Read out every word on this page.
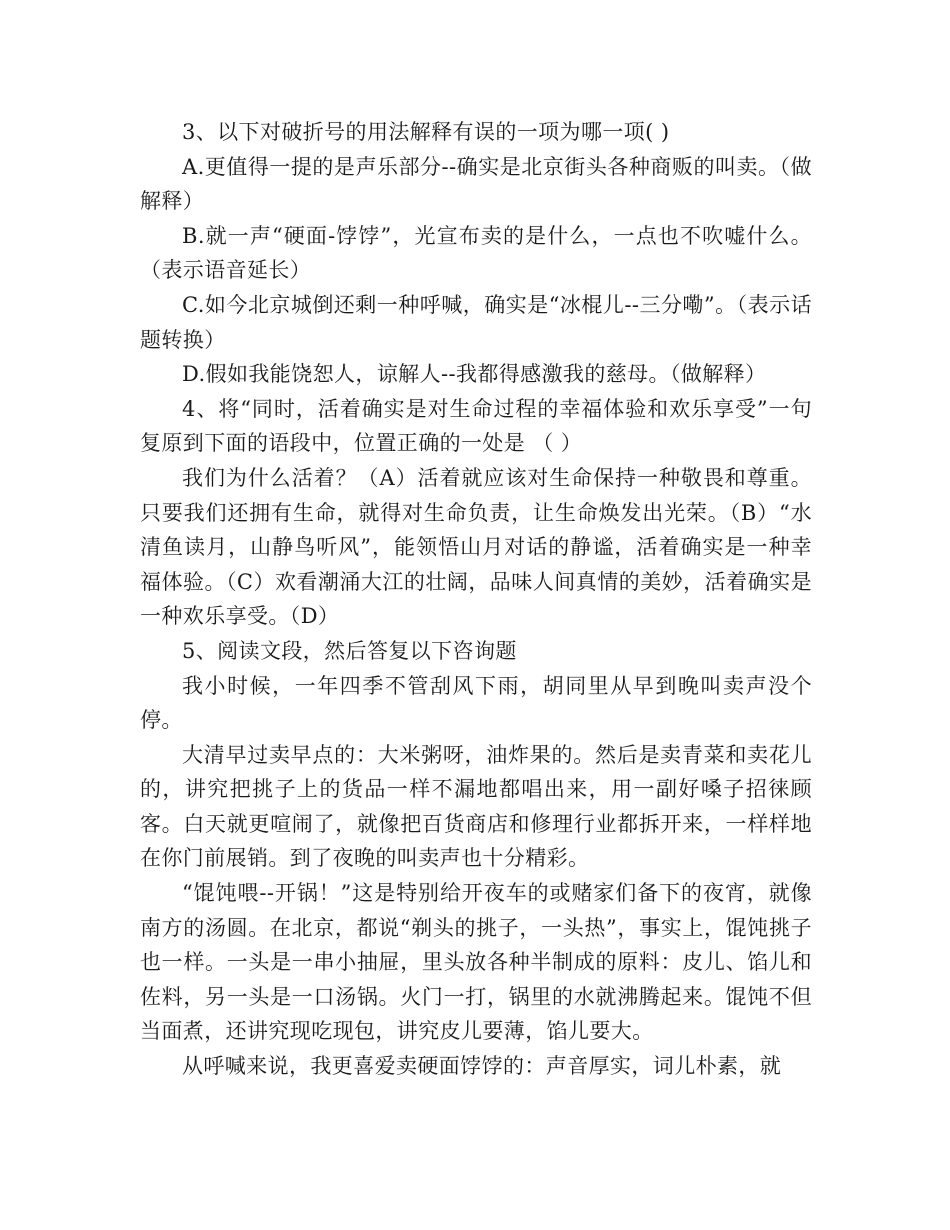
3、以下对破折号的用法解释有误的一项为哪一项( )

A.更值得一提的是声乐部分--确实是北京街头各种商贩的叫卖。（做解释）

B.就一声“硬面-饽饽”，光宣布卖的是什么，一点也不吹嘘什么。（表示语音延长）

C.如今北京城倒还剩一种呼喊，确实是“冰棍儿--三分嘞”。（表示话题转换）

D.假如我能饶恕人，谅解人--我都得感激我的慈母。（做解释）

4、将“同时，活着确实是对生命过程的幸福体验和欢乐享受”一句复原到下面的语段中，位置正确的一处是 （ ）

我们为什么活着？（A）活着就应该对生命保持一种敬畏和尊重。只要我们还拥有生命，就得对生命负责，让生命焕发出光荣。（B）“水清鱼读月，山静鸟听风”，能领悟山月对话的静谧，活着确实是一种幸福体验。（C）欢看潮涌大江的壮阔，品味人间真情的美妙，活着确实是一种欢乐享受。（D）

5、阅读文段，然后答复以下咨询题

我小时候，一年四季不管刮风下雨，胡同里从早到晚叫卖声没个停。

大清早过卖早点的：大米粥呀，油炸果的。然后是卖青菜和卖花儿的，讲究把挑子上的货品一样不漏地都唱出来，用一副好嗓子招徕顾客。白天就更喧闹了，就像把百货商店和修理行业都拆开来，一样样地在你门前展销。到了夜晚的叫卖声也十分精彩。

“馄饨喂--开锅！”这是特别给开夜车的或赌家们备下的夜宵，就像南方的汤圆。在北京，都说“剃头的挑子，一头热”，事实上，馄饨挑子也一样。一头是一串小抽屉，里头放各种半制成的原料：皮儿、馅儿和佐料，另一头是一口汤锅。火门一打，锅里的水就沸腾起来。馄饨不但当面煮，还讲究现吃现包，讲究皮儿要薄，馅儿要大。

从呼喊来说，我更喜爱卖硬面饽饽的：声音厚实，词儿朴素，就
